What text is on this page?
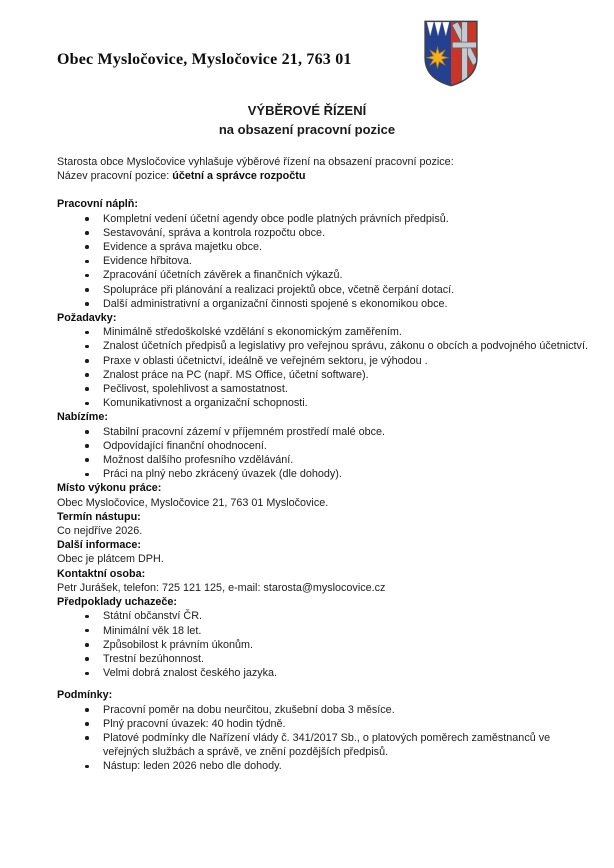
Obec Mysločovice, Mysločovice 21, 763 01

VÝBĚROVÉ ŘÍZENÍ

na obsazení pracovní pozice

Starosta obce Mysločovice vyhlašuje výběrové řízení na obsazení pracovní pozice:

Název pracovní pozice: účetní a správce rozpočtu

Pracovní náplň:
Kompletní vedení účetní agendy obce podle platných právních předpisů.
Sestavování, správa a kontrola rozpočtu obce.
Evidence a správa majetku obce.
Evidence hřbitova.
Zpracování účetních závěrek a finančních výkazů.
Spolupráce při plánování a realizaci projektů obce, včetně čerpání dotací.
Další administrativní a organizační činnosti spojené s ekonomikou obce.
Požadavky:
Minimálně středoškolské vzdělání s ekonomickým zaměřením.
Znalost účetních předpisů a legislativy pro veřejnou správu, zákonu o obcích a podvojného účetnictví.
Praxe v oblasti účetnictví, ideálně ve veřejném sektoru, je výhodou .
Znalost práce na PC (např. MS Office, účetní software).
Pečlivost, spolehlivost a samostatnost.
Komunikativnost a organizační schopnosti.
Nabízíme:
Stabilní pracovní zázemí v příjemném prostředí malé obce.
Odpovídající finanční ohodnocení.
Možnost dalšího profesního vzdělávání.
Práci na plný nebo zkrácený úvazek (dle dohody).
Místo výkonu práce:

Obec Mysločovice, Mysločovice 21, 763 01 Mysločovice.

Termín nástupu:

Co nejdříve 2026.

Další informace:

Obec je plátcem DPH.

Kontaktní osoba:

Petr Jurášek, telefon: 725 121 125, e-mail: starosta@myslocovice.cz

Předpoklady uchazeče:
Státní občanství ČR.
Minimální věk 18 let.
Způsobilost k právním úkonům.
Trestní bezúhonnost.
Velmi dobrá znalost českého jazyka.
Podmínky:
Pracovní poměr na dobu neurčitou, zkušební doba 3 měsíce.
Plný pracovní úvazek: 40 hodin týdně.
Platové podmínky dle Nařízení vlády č. 341/2017 Sb., o platových poměrech zaměstnanců ve
veřejných službách a správě, ve znění pozdějších předpisů.
Nástup: leden 2026 nebo dle dohody.
